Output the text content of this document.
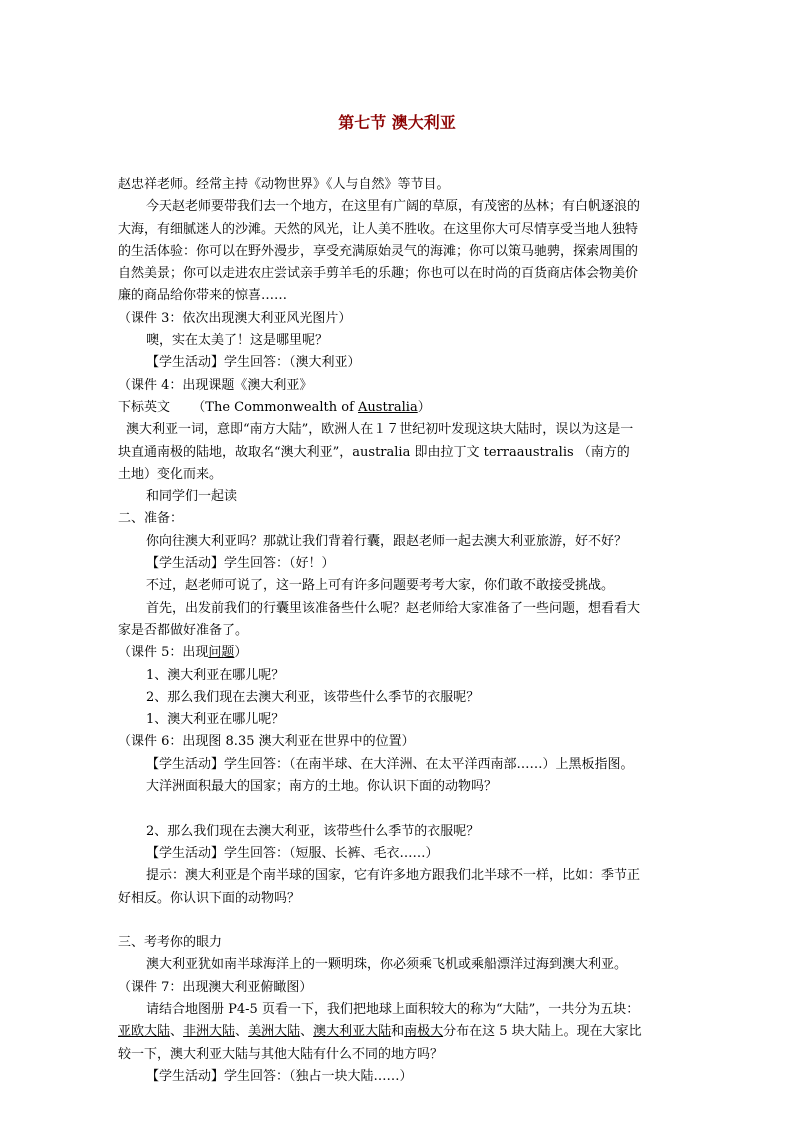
第七节 澳大利亚
赵忠祥老师。经常主持《动物世界》《人与自然》等节目。
今天赵老师要带我们去一个地方，在这里有广阔的草原，有茂密的丛林；有白帆逐浪的
大海，有细腻迷人的沙滩。天然的风光，让人美不胜收。在这里你大可尽情享受当地人独特
的生活体验：你可以在野外漫步，享受充满原始灵气的海滩；你可以策马驰骋，探索周围的
自然美景；你可以走进农庄尝试亲手剪羊毛的乐趣；你也可以在时尚的百货商店体会物美价
廉的商品给你带来的惊喜……
（课件 3：依次出现澳大利亚风光图片）
噢，实在太美了！这是哪里呢？
【学生活动】学生回答：（澳大利亚）
（课件 4：出现课题《澳大利亚》
下标英文 （The Commonwealth of Australia）
澳大利亚一词，意即“南方大陆”，欧洲人在１７世纪初叶发现这块大陆时，误以为这是一
块直通南极的陆地，故取名“澳大利亚”，australia 即由拉丁文 terraaustralis （南方的
土地）变化而来。
和同学们一起读
二、准备：
你向往澳大利亚吗？那就让我们背着行囊，跟赵老师一起去澳大利亚旅游，好不好？
【学生活动】学生回答：（好！）
不过，赵老师可说了，这一路上可有许多问题要考考大家，你们敢不敢接受挑战。
首先，出发前我们的行囊里该准备些什么呢？赵老师给大家准备了一些问题，想看看大
家是否都做好准备了。
（课件 5：出现问题）
1、澳大利亚在哪儿呢？
2、那么我们现在去澳大利亚，该带些什么季节的衣服呢？
1、澳大利亚在哪儿呢？
（课件 6：出现图 8.35 澳大利亚在世界中的位置）
【学生活动】学生回答：（在南半球、在大洋洲、在太平洋西南部……）上黑板指图。
大洋洲面积最大的国家；南方的土地。你认识下面的动物吗？
2、那么我们现在去澳大利亚，该带些什么季节的衣服呢？
【学生活动】学生回答：（短服、长裤、毛衣……）
提示：澳大利亚是个南半球的国家，它有许多地方跟我们北半球不一样，比如：季节正
好相反。你认识下面的动物吗？
三、考考你的眼力
澳大利亚犹如南半球海洋上的一颗明珠，你必须乘飞机或乘船漂洋过海到澳大利亚。
（课件 7：出现澳大利亚俯瞰图）
请结合地图册 P4-5 页看一下，我们把地球上面积较大的称为“大陆”，一共分为五块：
亚欧大陆、非洲大陆、美洲大陆、澳大利亚大陆和南极大分布在这 5 块大陆上。现在大家比
较一下，澳大利亚大陆与其他大陆有什么不同的地方吗？
【学生活动】学生回答：（独占一块大陆……）
